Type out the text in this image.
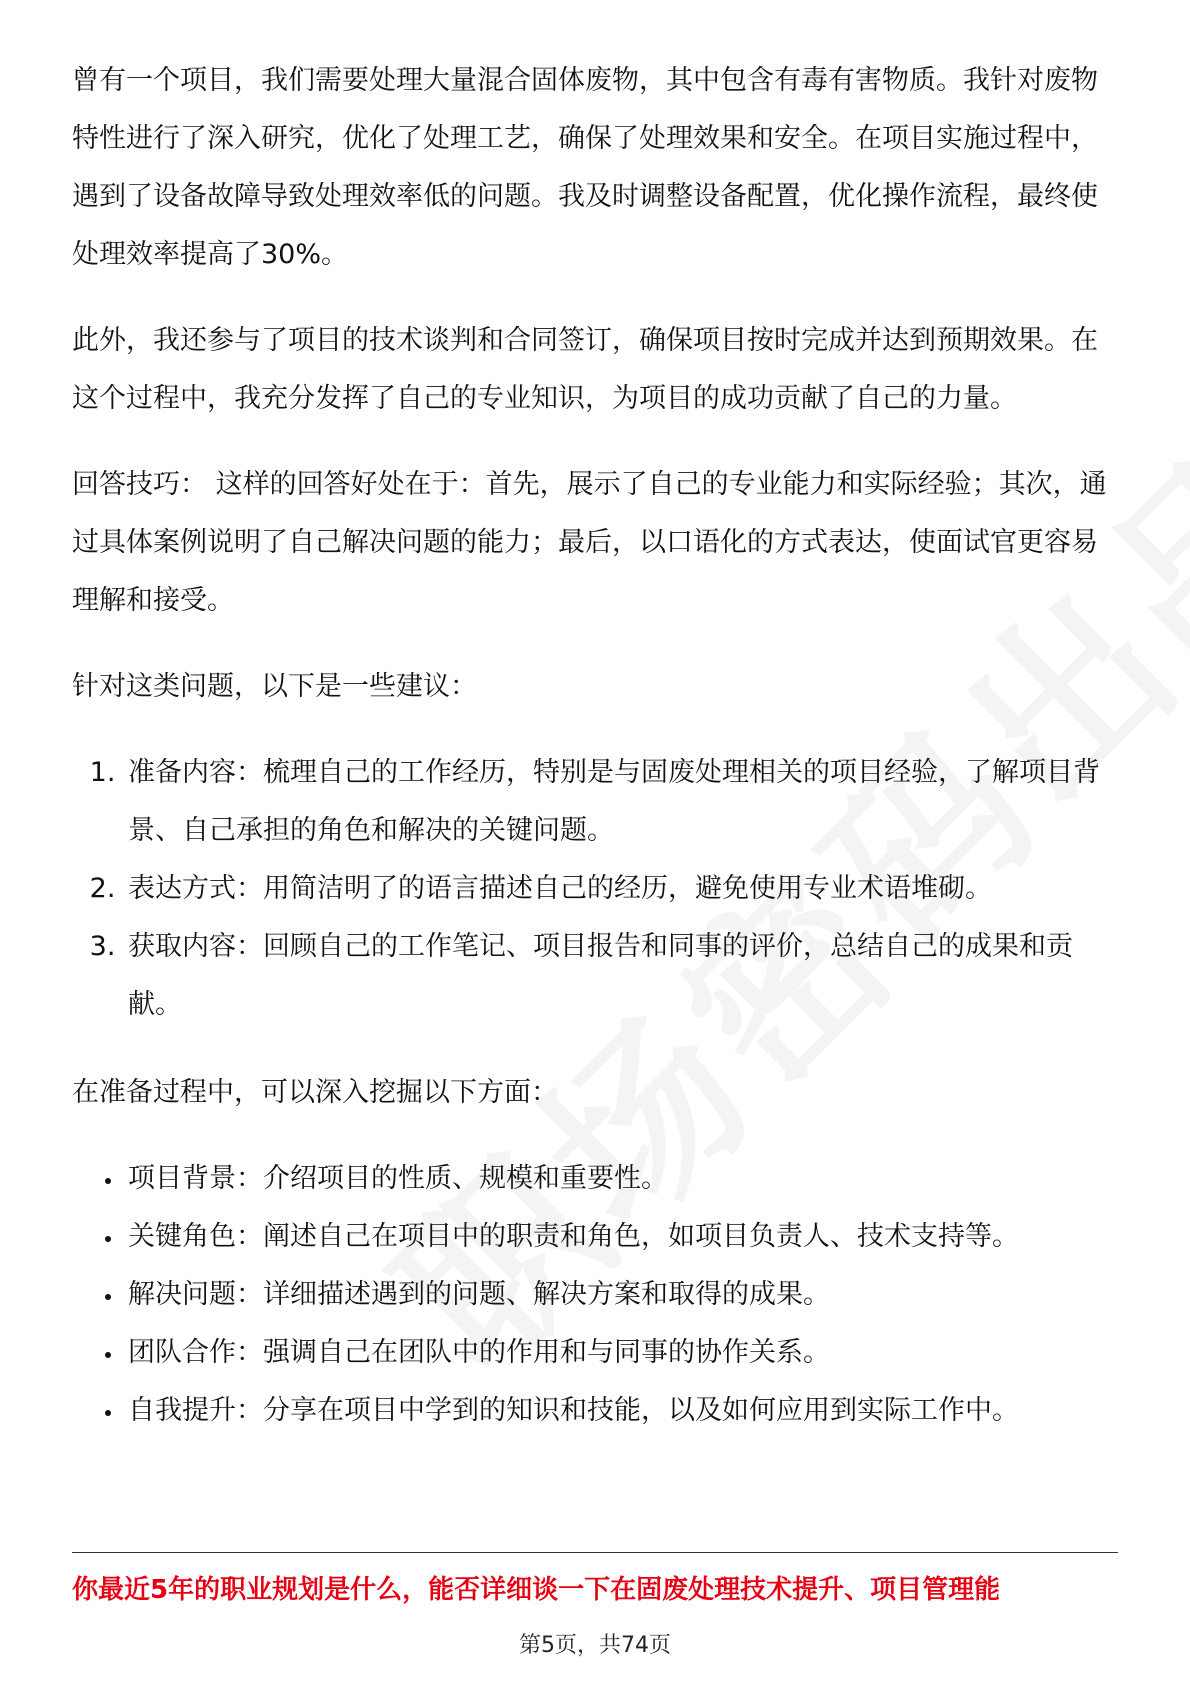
曾有一个项目，我们需要处理大量混合固体废物，其中包含有毒有害物质。我针对废物特性进行了深入研究，优化了处理工艺，确保了处理效果和安全。在项目实施过程中，遇到了设备故障导致处理效率低的问题。我及时调整设备配置，优化操作流程，最终使处理效率提高了30%。

此外，我还参与了项目的技术谈判和合同签订，确保项目按时完成并达到预期效果。在这个过程中，我充分发挥了自己的专业知识，为项目的成功贡献了自己的力量。

回答技巧： 这样的回答好处在于：首先，展示了自己的专业能力和实际经验；其次，通过具体案例说明了自己解决问题的能力；最后，以口语化的方式表达，使面试官更容易理解和接受。

针对这类问题，以下是一些建议：

1. 准备内容：梳理自己的工作经历，特别是与固废处理相关的项目经验，了解项目背景、自己承担的角色和解决的关键问题。
2. 表达方式：用简洁明了的语言描述自己的经历，避免使用专业术语堆砌。
3. 获取内容：回顾自己的工作笔记、项目报告和同事的评价，总结自己的成果和贡献。

在准备过程中，可以深入挖掘以下方面：

• 项目背景：介绍项目的性质、规模和重要性。
• 关键角色：阐述自己在项目中的职责和角色，如项目负责人、技术支持等。
• 解决问题：详细描述遇到的问题、解决方案和取得的成果。
• 团队合作：强调自己在团队中的作用和与同事的协作关系。
• 自我提升：分享在项目中学到的知识和技能，以及如何应用到实际工作中。
你最近5年的职业规划是什么，能否详细谈一下在固废处理技术提升、项目管理能
第5页，共74页
